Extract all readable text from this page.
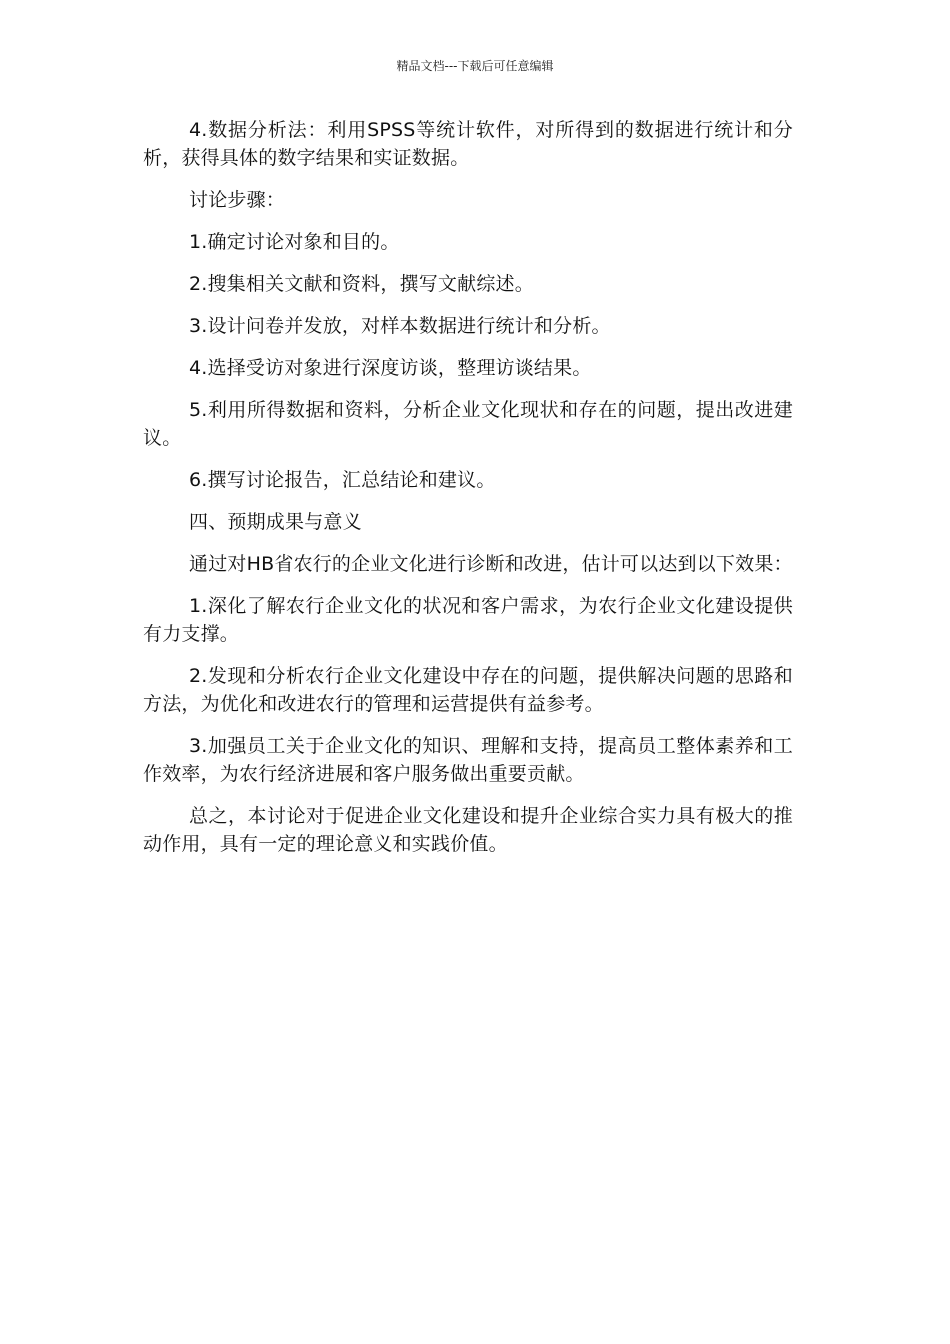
精品文档---下载后可任意编辑

4.数据分析法：利用SPSS等统计软件，对所得到的数据进行统计和分析，获得具体的数字结果和实证数据。

讨论步骤：

1.确定讨论对象和目的。

2.搜集相关文献和资料，撰写文献综述。

3.设计问卷并发放，对样本数据进行统计和分析。

4.选择受访对象进行深度访谈，整理访谈结果。

5.利用所得数据和资料，分析企业文化现状和存在的问题，提出改进建议。

6.撰写讨论报告，汇总结论和建议。

四、预期成果与意义

通过对HB省农行的企业文化进行诊断和改进，估计可以达到以下效果：

1.深化了解农行企业文化的状况和客户需求，为农行企业文化建设提供有力支撑。

2.发现和分析农行企业文化建设中存在的问题，提供解决问题的思路和方法，为优化和改进农行的管理和运营提供有益参考。

3.加强员工关于企业文化的知识、理解和支持，提高员工整体素养和工作效率，为农行经济进展和客户服务做出重要贡献。

总之，本讨论对于促进企业文化建设和提升企业综合实力具有极大的推动作用，具有一定的理论意义和实践价值。
